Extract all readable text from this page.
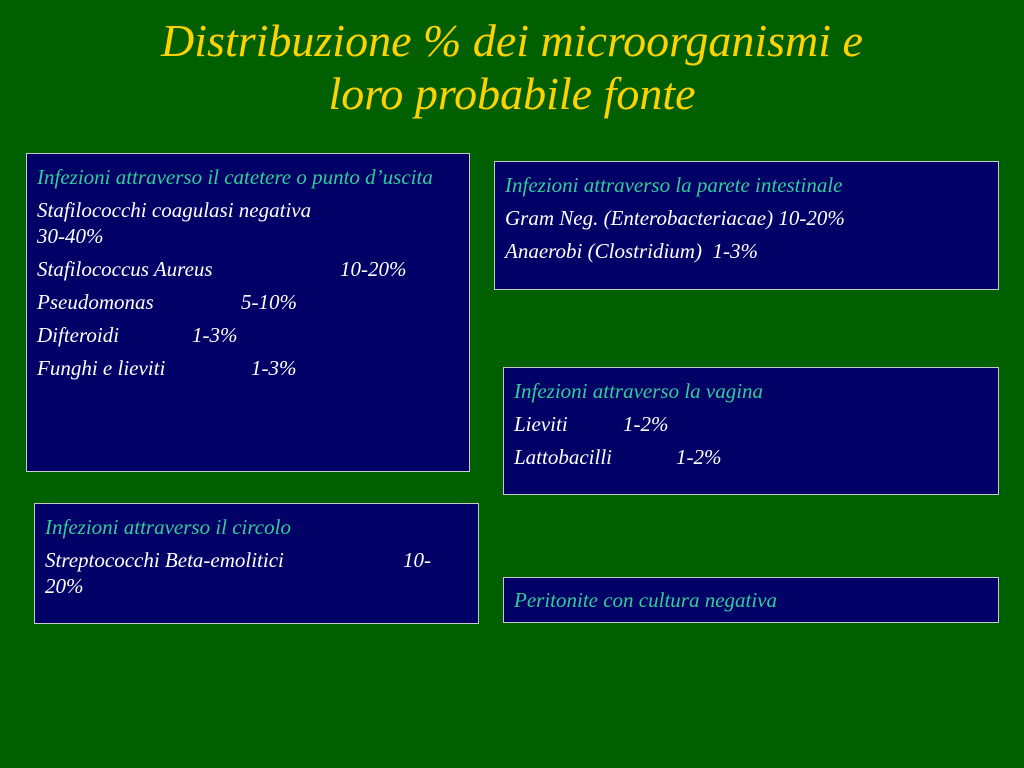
Distribuzione % dei microorganismi e
loro probabile fonte

Infezioni attraverso il catetere o punto d’uscita

Stafilococchi coagulasi negativa
30-40%

Stafilococcus Aureus	10-20%

Pseudomonas	5-10%

Difteroidi	1-3%

Funghi e lieviti	1-3%

Infezioni attraverso la parete intestinale

Gram Neg. (Enterobacteriacae) 10-20%

Anaerobi (Clostridium) 1-3%

Infezioni attraverso la vagina

Lieviti	1-2%

Lattobacilli	1-2%

Infezioni attraverso il circolo

Streptococchi Beta-emolitici	10-20%

Peritonite con cultura negativa
